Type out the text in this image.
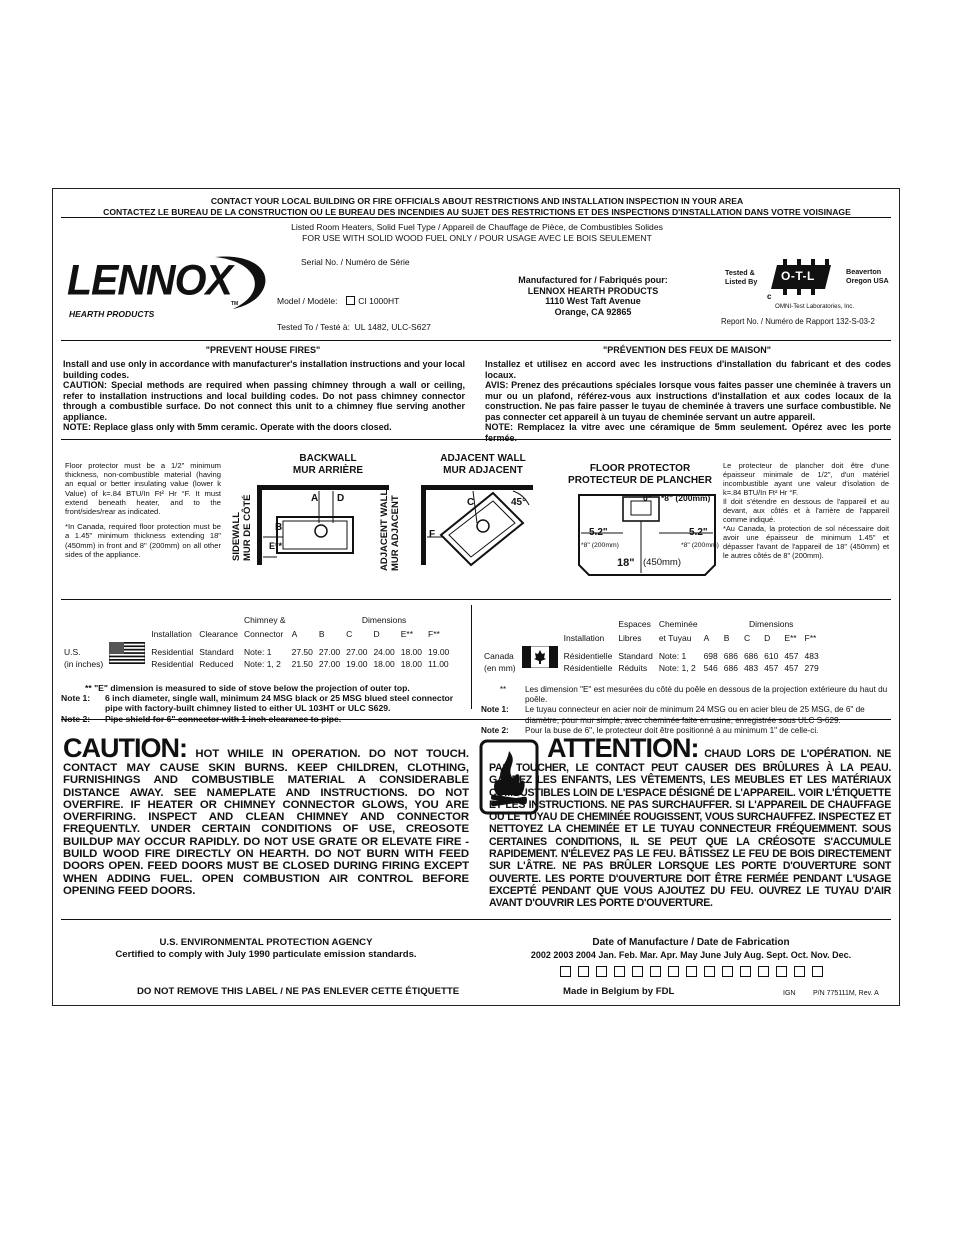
CONTACT YOUR LOCAL BUILDING OR FIRE OFFICIALS ABOUT RESTRICTIONS AND INSTALLATION INSPECTION IN YOUR AREA
CONTACTEZ LE BUREAU DE LA CONSTRUCTION OU LE BUREAU DES INCENDIES AU SUJET DES RESTRICTIONS ET DES INSPECTIONS D'INSTALLATION DANS VOTRE VOISINAGE
Listed Room Heaters, Solid Fuel Type / Appareil de Chauffage de Pièce, de Combustibles Solides
FOR USE WITH SOLID WOOD FUEL ONLY / POUR USAGE AVEC LE BOIS SEULEMENT
LENNOX TM
HEARTH PRODUCTS
Serial No. / Numéro de Série
Model / Modèle: CI 1000HT
Tested To / Testé à: UL 1482, ULC-S627
Manufactured for / Fabriqués pour:
LENNOX HEARTH PRODUCTS
1110 West Taft Avenue
Orange, CA 92865
Tested &
Listed By O-T-L
c
Beaverton
Oregon USA
OMNI-Test Laboratories, Inc.
Report No. / Numéro de Rapport 132-S-03-2
"PREVENT HOUSE FIRES"
Install and use only in accordance with manufacturer's installation instructions and your local building codes.
CAUTION: Special methods are required when passing chimney through a wall or ceiling, refer to installation instructions and local building codes. Do not pass chimney connector through a combustible surface. Do not connect this unit to a chimney flue serving another appliance.
NOTE: Replace glass only with 5mm ceramic. Operate with the doors closed.
"PRÉVENTION DES FEUX DE MAISON"
Installez et utilisez en accord avec les instructions d'installation du fabricant et des codes locaux.
AVIS: Prenez des précautions spéciales lorsque vous faites passer une cheminée à travers un mur ou un plafond, référez-vous aux instructions d'installation et aux codes locaux de la construction. Ne pas faire passer le tuyau de cheminée à travers une surface combustible. Ne pas connecter cet appareil à un tuyau de cheminée servant un autre appareil.
NOTE: Remplacez la vitre avec une céramique de 5mm seulement. Opérez avec les porte fermée.
Floor protector must be a 1/2" minimum thickness, non-combustible material (having an equal or better insulating value (lower k Value) of k=.84 BTU/In Ft² Hr °F. It must extend beneath heater, and to the front/sides/rear as indicated.
*In Canada, required floor protection must be a 1.45" minimum thickness extending 18" (450mm) in front and 8" (200mm) on all other sides of the appliance.
BACKWALL
MUR ARRIÈRE
SIDEWALL MUR DE CÔTÉ	A D
B
E**
ADJACENT WALL
MUR ADJACENT
ADJACENT WALL MUR ADJACENT	C	45°
F
FLOOR PROTECTOR
PROTECTEUR DE PLANCHER
0" *8" (200mm)
5.2"
*8" (200mm)
5.2"
*8" (200mm)
18" (450mm)
Le protecteur de plancher doit être d'une épaisseur minimale de 1/2", d'un matériel incombustible ayant une valeur d'isolation de k=.84 BTU/In Ft² Hr °F.
Il doit s'étendre en dessous de l'appareil et au devant, aux côtés et à l'arrière de l'appareil comme indiqué.
*Au Canada, la protection de sol nécessaire doit avoir une épaisseur de minimum 1.45" et dépasser l'avant de l'appareil de 18" (450mm) et le autres côtés de 8" (200mm).
				Chimney &			Dimensions				
		Installation	Clearance	Connector	A	B	C	D	E**	F**	
U.S.		Residential	Standard	Note: 1	27.50	27.00	27.00	24.00	18.00	19.00	
(in inches)		Residential	Reduced	Note: 1, 2	21.50	27.00	19.00	18.00	18.00	11.00	
** "E" dimension is measured to side of stove below the projection of outer top.
Note 1:	6 inch diameter, single wall, minimum 24 MSG black or 25 MSG blued steel connector pipe with factory-built chimney listed to either UL 103HT or ULC S629.
Note 2:	Pipe shield for 6" connector with 1 inch clearance to pipe.
			Espaces	Cheminée			Dimensions				
		Installation	Libres	et Tuyau	A	B	C	D	E**	F**	
Canada		Résidentielle	Standard	Note: 1	698	686	686	610	457	483	
(en mm)		Résidentielle	Réduits	Note: 1, 2	546	686	483	457	457	279	
**	Les dimension "E" est mesurées du côté du poêle en dessous de la projection extérieure du haut du poêle.
Note 1:	Le tuyau connecteur en acier noir de minimum 24 MSG ou en acier bleu de 25 MSG, de 6" de diamètre, pour mur simple, avec cheminée faite en usine, enregistrée sous ULC S-629.
Note 2:	Pour la buse de 6", le protecteur doit être positionné à au minimum 1" de celle-ci.
CAUTION: HOT WHILE IN OPERATION. DO NOT TOUCH. CONTACT MAY CAUSE SKIN BURNS. KEEP CHILDREN, CLOTHING, FURNISHINGS AND COMBUSTIBLE MATERIAL A CONSIDERABLE DISTANCE AWAY. SEE NAMEPLATE AND INSTRUCTIONS. DO NOT OVERFIRE. IF HEATER OR CHIMNEY CONNECTOR GLOWS, YOU ARE OVERFIRING. INSPECT AND CLEAN CHIMNEY AND CONNECTOR FREQUENTLY. UNDER CERTAIN CONDITIONS OF USE, CREOSOTE BUILDUP MAY OCCUR RAPIDLY. DO NOT USE GRATE OR ELEVATE FIRE - BUILD WOOD FIRE DIRECTLY ON HEARTH. DO NOT BURN WITH FEED DOORS OPEN. FEED DOORS MUST BE CLOSED DURING FIRING EXCEPT WHEN ADDING FUEL. OPEN COMBUSTION AIR CONTROL BEFORE OPENING FEED DOORS.
ATTENTION: CHAUD LORS DE L'OPÉRATION. NE PAS TOUCHER, LE CONTACT PEUT CAUSER DES BRÛLURES À LA PEAU. GARDEZ LES ENFANTS, LES VÊTEMENTS, LES MEUBLES ET LES MATÉRIAUX COMBUSTIBLES LOIN DE L'ESPACE DÉSIGNÉ DE L'APPAREIL. VOIR L'ÉTIQUETTE ET LES INSTRUCTIONS. NE PAS SURCHAUFFER. SI L'APPAREIL DE CHAUFFAGE OU LE TUYAU DE CHEMINÉE ROUGISSENT, VOUS SURCHAUFFEZ. INSPECTEZ ET NETTOYEZ LA CHEMINÉE ET LE TUYAU CONNECTEUR FRÉQUEMMENT. SOUS CERTAINES CONDITIONS, IL SE PEUT QUE LA CRÉOSOTE S'ACCUMULE RAPIDEMENT. N'ÉLEVEZ PAS LE FEU. BÂTISSEZ LE FEU DE BOIS DIRECTEMENT SUR L'ÂTRE. NE PAS BRÛLER LORSQUE LES PORTE D'OUVERTURE SONT OUVERTE. LES PORTE D'OUVERTURE DOIT ÊTRE FERMÉE PENDANT L'USAGE EXCEPTÉ PENDANT QUE VOUS AJOUTEZ DU FEU. OUVREZ LE TUYAU D'AIR AVANT D'OUVRIR LES PORTE D'OUVERTURE.
U.S. ENVIRONMENTAL PROTECTION AGENCY
Certified to comply with July 1990 particulate emission standards.
Date of Manufacture / Date de Fabrication
2002 2003 2004 Jan. Feb. Mar. Apr. May June July Aug. Sept. Oct. Nov. Dec.
DO NOT REMOVE THIS LABEL / NE PAS ENLEVER CETTE ÉTIQUETTE	Made in Belgium by FDL	IGN	P/N 775111M, Rev. A
